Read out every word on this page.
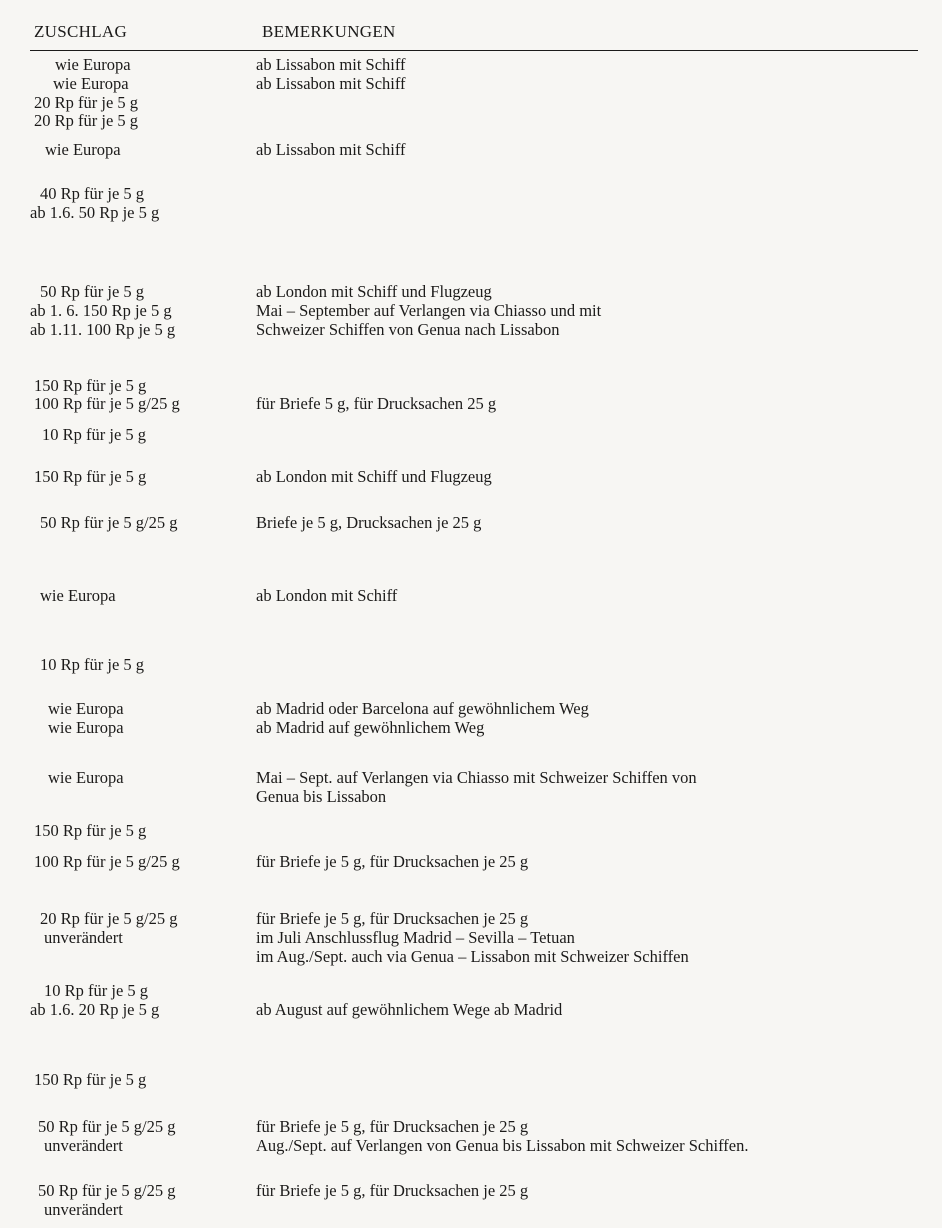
ZUSCHLAG	BEMERKUNGEN
wie Europa	ab Lissabon mit Schiff
wie Europa	ab Lissabon mit Schiff
20 Rp für je 5 g
20 Rp für je 5 g
wie Europa	ab Lissabon mit Schiff
40 Rp für je 5 g
ab 1.6. 50 Rp je 5 g
50 Rp für je 5 g	ab London mit Schiff und Flugzeug
ab 1. 6. 150 Rp je 5 g	Mai – September auf Verlangen via Chiasso und mit
ab 1.11. 100 Rp je 5 g	Schweizer Schiffen von Genua nach Lissabon
150 Rp für je 5 g
100 Rp für je 5 g/25 g	für Briefe 5 g, für Drucksachen 25 g
10 Rp für je 5 g
150 Rp für je 5 g	ab London mit Schiff und Flugzeug
50 Rp für je 5 g/25 g	Briefe je 5 g, Drucksachen je 25 g
wie Europa	ab London mit Schiff
10 Rp für je 5 g
wie Europa	ab Madrid oder Barcelona auf gewöhnlichem Weg
wie Europa	ab Madrid auf gewöhnlichem Weg
wie Europa	Mai – Sept. auf Verlangen via Chiasso mit Schweizer Schiffen von
Genua bis Lissabon
150 Rp für je 5 g
100 Rp für je 5 g/25 g	für Briefe je 5 g, für Drucksachen je 25 g
20 Rp für je 5 g/25 g	für Briefe je 5 g, für Drucksachen je 25 g
unverändert	im Juli Anschlussflug Madrid – Sevilla – Tetuan
im Aug./Sept. auch via Genua – Lissabon mit Schweizer Schiffen
10 Rp für je 5 g
ab 1.6. 20 Rp je 5 g	ab August auf gewöhnlichem Wege ab Madrid
150 Rp für je 5 g
50 Rp für je 5 g/25 g	für Briefe je 5 g, für Drucksachen je 25 g
unverändert	Aug./Sept. auf Verlangen von Genua bis Lissabon mit Schweizer Schiffen.
50 Rp für je 5 g/25 g	für Briefe je 5 g, für Drucksachen je 25 g
unverändert
